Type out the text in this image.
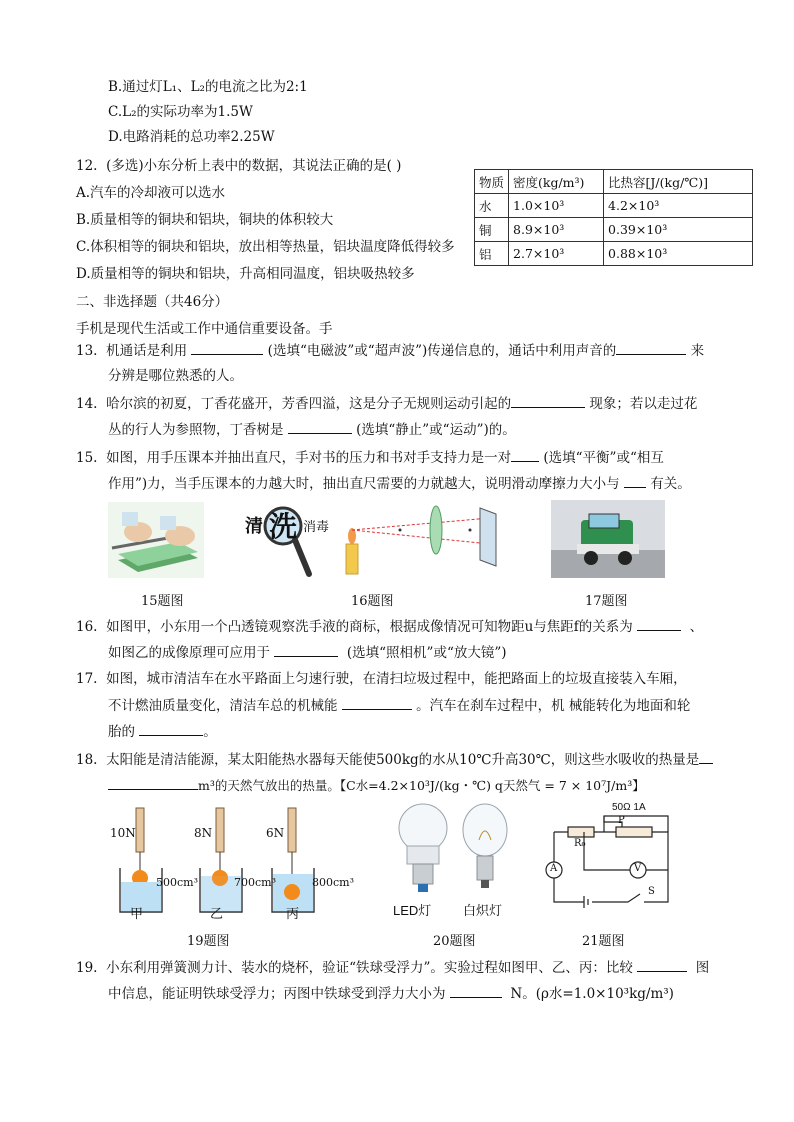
B.通过灯L₁、L₂的电流之比为2:1
C.L₂的实际功率为1.5W
D.电路消耗的总功率2.25W
12. (多选)小东分析上表中的数据，其说法正确的是( )
A.汽车的冷却液可以选水
B.质量相等的铜块和铝块，铜块的体积较大
C.体积相等的铜块和铝块，放出相等热量，铝块温度降低得较多
D.质量相等的铜块和铝块，升高相同温度，铝块吸热较多
物质	密度(kg/m³)	比热容[J/(kg/℃)]
水	1.0×10³	4.2×10³
铜	8.9×10³	0.39×10³
铝	2.7×10³	0.88×10³
二、非选择题（共46分）
手机是现代生活或工作中通信重要设备。手
13. 机通话是利用	(选填“电磁波”或“超声波”)传递信息的，通话中利用声音的	来
分辨是哪位熟悉的人。
14. 哈尔滨的初夏，丁香花盛开，芳香四溢，这是分子无规则运动引起的	现象；若以走过花
丛的行人为参照物，丁香树是	(选填“静止”或“运动”)的。
15. 如图，用手压课本并抽出直尺，手对书的压力和书对手支持力是一对 (选填“平衡”或“相互
作用”)力，当手压课本的力越大时，抽出直尺需要的力就越大，说明滑动摩擦力大小与 有关。
清 洗 消毒
15题图	16题图	17题图
16. 如图甲，小东用一个凸透镜观察洗手液的商标，根据成像情况可知物距u与焦距f的关系为	、
如图乙的成像原理可应用于	(选填“照相机”或“放大镜”)
17. 如图，城市清洁车在水平路面上匀速行驶，在清扫垃圾过程中，能把路面上的垃圾直接装入车厢，
不计燃油质量变化，清洁车总的机械能	。汽车在刹车过程中，机 械能转化为地面和轮
胎的	。
18. 太阳能是清洁能源，某太阳能热水器每天能使500kg的水从10℃升高30℃，则这些水吸收的热量是
m³的天然气放出的热量。【C水=4.2×10³J/(kg・℃) q天然气 = 7 × 10⁷J/m³】
10N	8N	6N
500cm³	700cm³	800cm³
甲	乙	丙
19题图
LED灯 白炽灯
20题图
50Ω 1A
P
R₀
A	V
S
21题图
19. 小东利用弹簧测力计、装水的烧杯，验证“铁球受浮力”。实验过程如图甲、乙、丙：比较	图
中信息，能证明铁球受浮力；丙图中铁球受到浮力大小为	N。(ρ水=1.0×10³kg/m³)
